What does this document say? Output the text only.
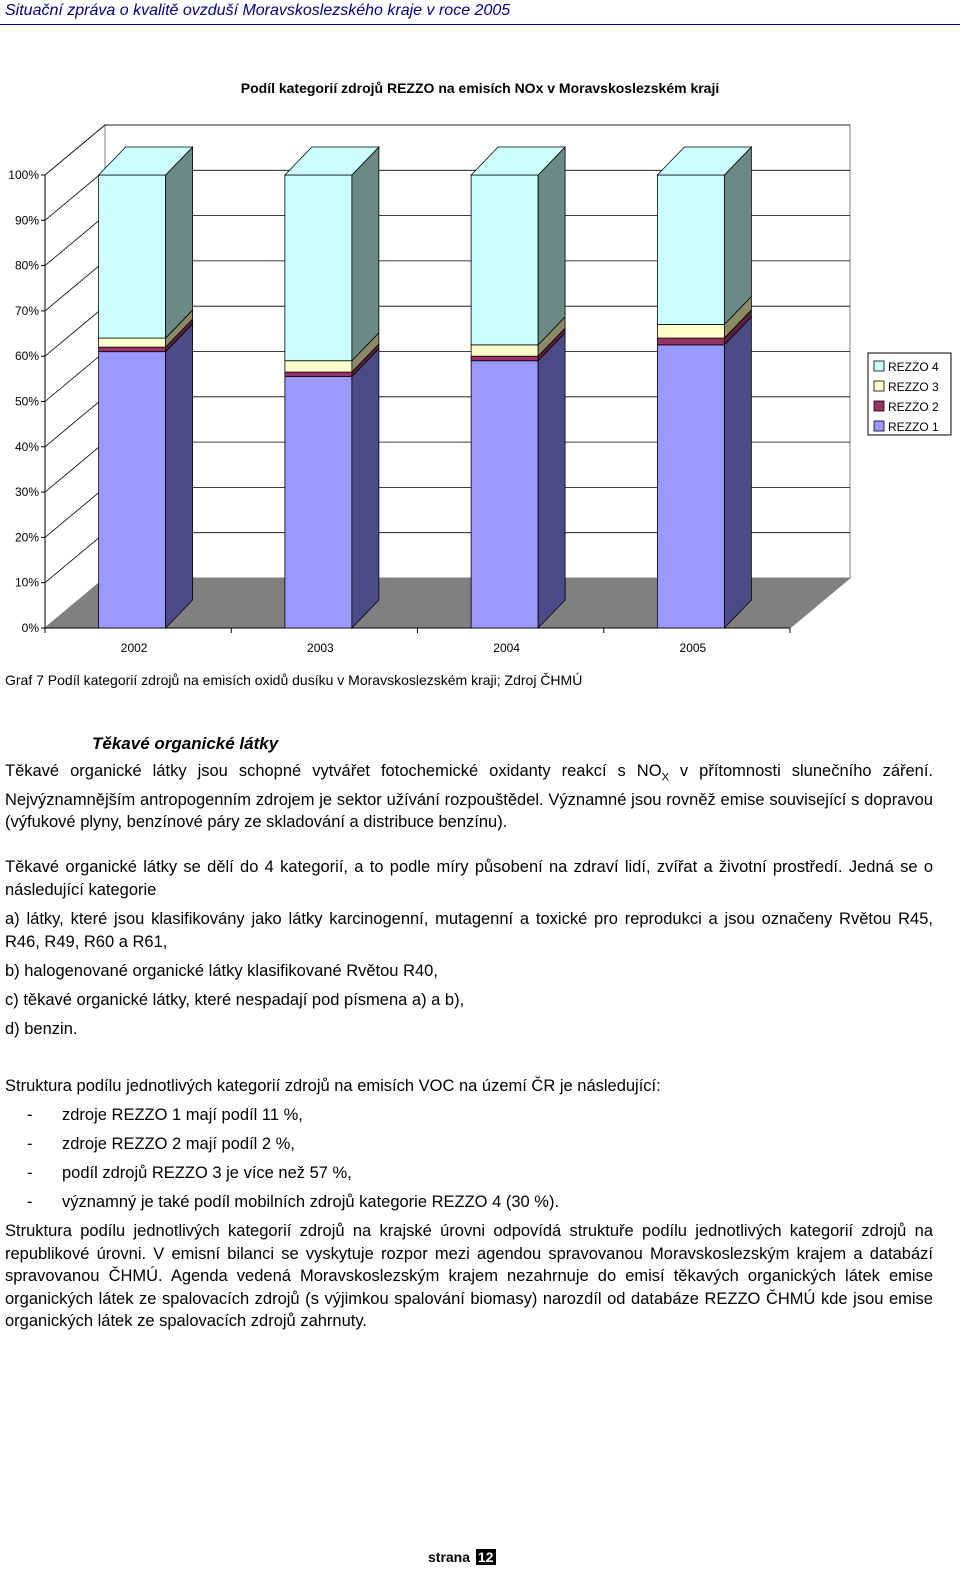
Situační zpráva o kvalitě ovzduší Moravskoslezského kraje v roce 2005
Podíl kategorií zdrojů REZZO na emisích NOx v Moravskoslezském kraji
0%
10%
20%
30%
40%
50%
60%
70%
80%
90%
100%
2002	2003	2004	2005
REZZO 4
REZZO 3
REZZO 2
REZZO 1
Graf 7 Podíl kategorií zdrojů na emisích oxidů dusíku v Moravskoslezském kraji; Zdroj ČHMÚ
Těkavé organické látky
Těkavé organické látky jsou schopné vytvářet fotochemické oxidanty reakcí s $NO_X$ v přítomnosti slunečního záření. Nejvýznamnějším antropogenním zdrojem je sektor užívání rozpouštědel. Významné jsou rovněž emise související s dopravou (výfukové plyny, benzínové páry ze skladování a distribuce benzínu).
Těkavé organické látky se dělí do 4 kategorií, a to podle míry působení na zdraví lidí, zvířat a životní prostředí. Jedná se o následující kategorie
a) látky, které jsou klasifikovány jako látky karcinogenní, mutagenní a toxické pro reprodukci a jsou označeny Rvětou R45, R46, R49, R60 a R61,
b) halogenované organické látky klasifikované Rvětou R40,
c) těkavé organické látky, které nespadají pod písmena a) a b),
d) benzin.
Struktura podílu jednotlivých kategorií zdrojů na emisích VOC na území ČR je následující:
-	zdroje REZZO 1 mají podíl 11 %,
-	zdroje REZZO 2 mají podíl 2 %,
-	podíl zdrojů REZZO 3 je více než 57 %,
-	významný je také podíl mobilních zdrojů kategorie REZZO 4 (30 %).
Struktura podílu jednotlivých kategorií zdrojů na krajské úrovni odpovídá struktuře podílu jednotlivých kategorií zdrojů na republikové úrovni. V emisní bilanci se vyskytuje rozpor mezi agendou spravovanou Moravskoslezským krajem a databází spravovanou ČHMÚ. Agenda vedená Moravskoslezským krajem nezahrnuje do emisí těkavých organických látek emise organických látek ze spalovacích zdrojů (s výjimkou spalování biomasy) narozdíl od databáze REZZO ČHMÚ kde jsou emise organických látek ze spalovacích zdrojů zahrnuty.
strana 12
